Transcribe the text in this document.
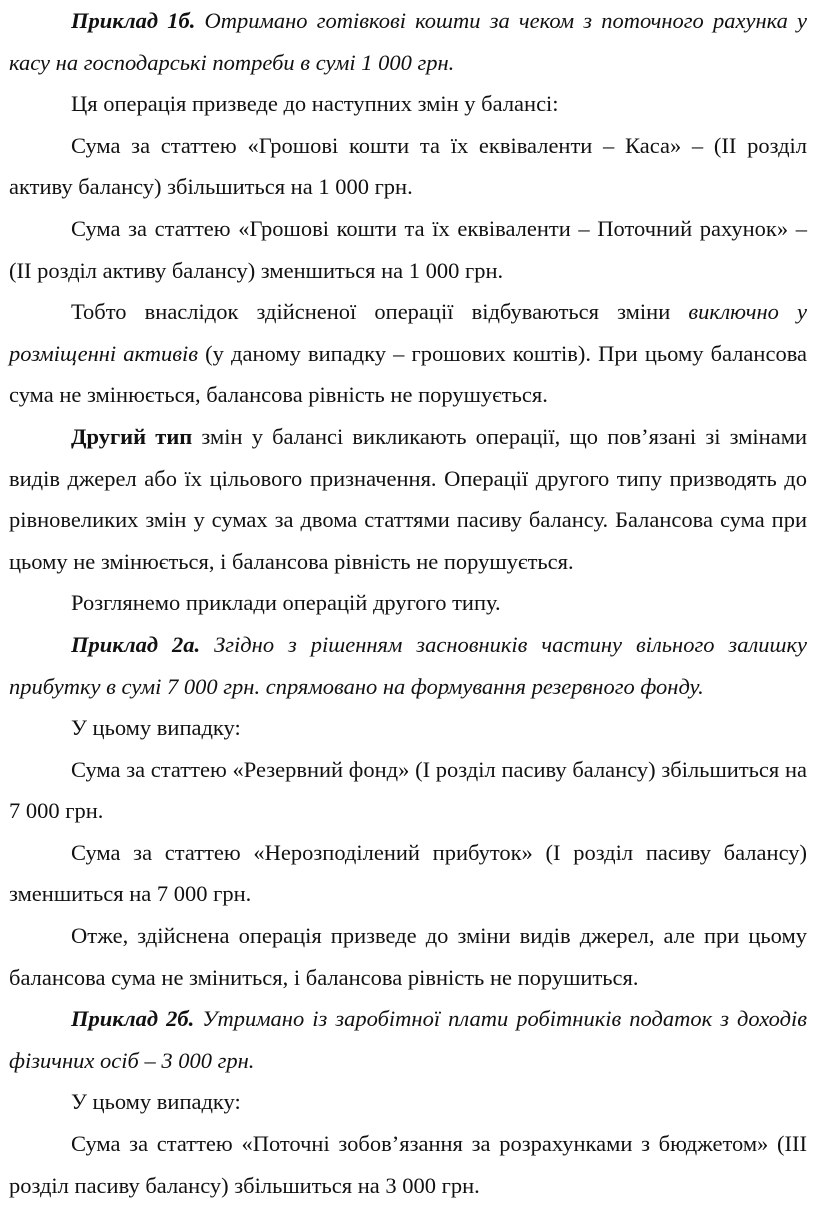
Приклад 1б. Отримано готівкові кошти за чеком з поточного рахунка у касу на господарські потреби в сумі 1 000 грн.

Ця операція призведе до наступних змін у балансі:

Сума за статтею «Грошові кошти та їх еквіваленти – Каса» – (ІІ розділ активу балансу) збільшиться на 1 000 грн.

Сума за статтею «Грошові кошти та їх еквіваленти – Поточний рахунок» – (ІІ розділ активу балансу) зменшиться на 1 000 грн.

Тобто внаслідок здійсненої операції відбуваються зміни виключно у розміщенні активів (у даному випадку – грошових коштів). При цьому балансова сума не змінюється, балансова рівність не порушується.

Другий тип змін у балансі викликають операції, що пов’язані зі змінами видів джерел або їх цільового призначення. Операції другого типу призводять до рівновеликих змін у сумах за двома статтями пасиву балансу. Балансова сума при цьому не змінюється, і балансова рівність не порушується.

Розглянемо приклади операцій другого типу.

Приклад 2а. Згідно з рішенням засновників частину вільного залишку прибутку в сумі 7 000 грн. спрямовано на формування резервного фонду.

У цьому випадку:

Сума за статтею «Резервний фонд» (І розділ пасиву балансу) збільшиться на 7 000 грн.

Сума за статтею «Нерозподілений прибуток» (І розділ пасиву балансу) зменшиться на 7 000 грн.

Отже, здійснена операція призведе до зміни видів джерел, але при цьому балансова сума не зміниться, і балансова рівність не порушиться.

Приклад 2б. Утримано із заробітної плати робітників податок з доходів фізичних осіб – 3 000 грн.

У цьому випадку:

Сума за статтею «Поточні зобов’язання за розрахунками з бюджетом» (ІІІ розділ пасиву балансу) збільшиться на 3 000 грн.
